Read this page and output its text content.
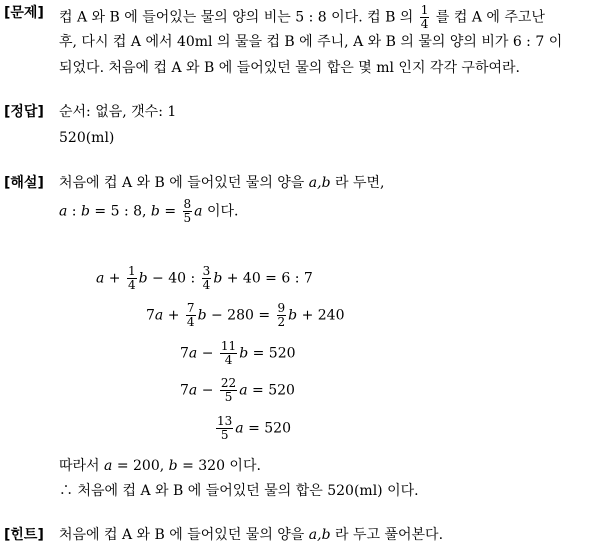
[문제] 컵 A 와 B 에 들어있는 물의 양의 비는 5 : 8 이다. 컵 B 의 $\frac{1}{4}$ 를 컵 A 에 주고난
후, 다시 컵 A 에서 40ml 의 물을 컵 B 에 주니, A 와 B 의 물의 양의 비가 6 : 7 이
되었다. 처음에 컵 A 와 B 에 들어있던 물의 합은 몇 ml 인지 각각 구하여라.
[정답] 순서: 없음, 갯수: 1
520(ml)
[해설] 처음에 컵 A 와 B 에 들어있던 물의 양을 a,b 라 두면,
a : b = 5 : 8, $b = \frac{8}{5}$ a 이다.
$a + \frac{1}{4}$ b − 40 : $\frac{3}{4}$ b + 40 = 6 : 7
$7a + \frac{7}{4}$ $b - 280 = \frac{9}{2}$ b + 240
$7a - \frac{11}{4}$ b = 520
$7a - \frac{22}{5}$ a = 520
$\frac{13}{5}$ a = 520
따라서 a = 200, b = 320 이다.
∴ 처음에 컵 A 와 B 에 들어있던 물의 합은 520(ml) 이다.
[힌트] 처음에 컵 A 와 B 에 들어있던 물의 양을 a,b 라 두고 풀어본다.
